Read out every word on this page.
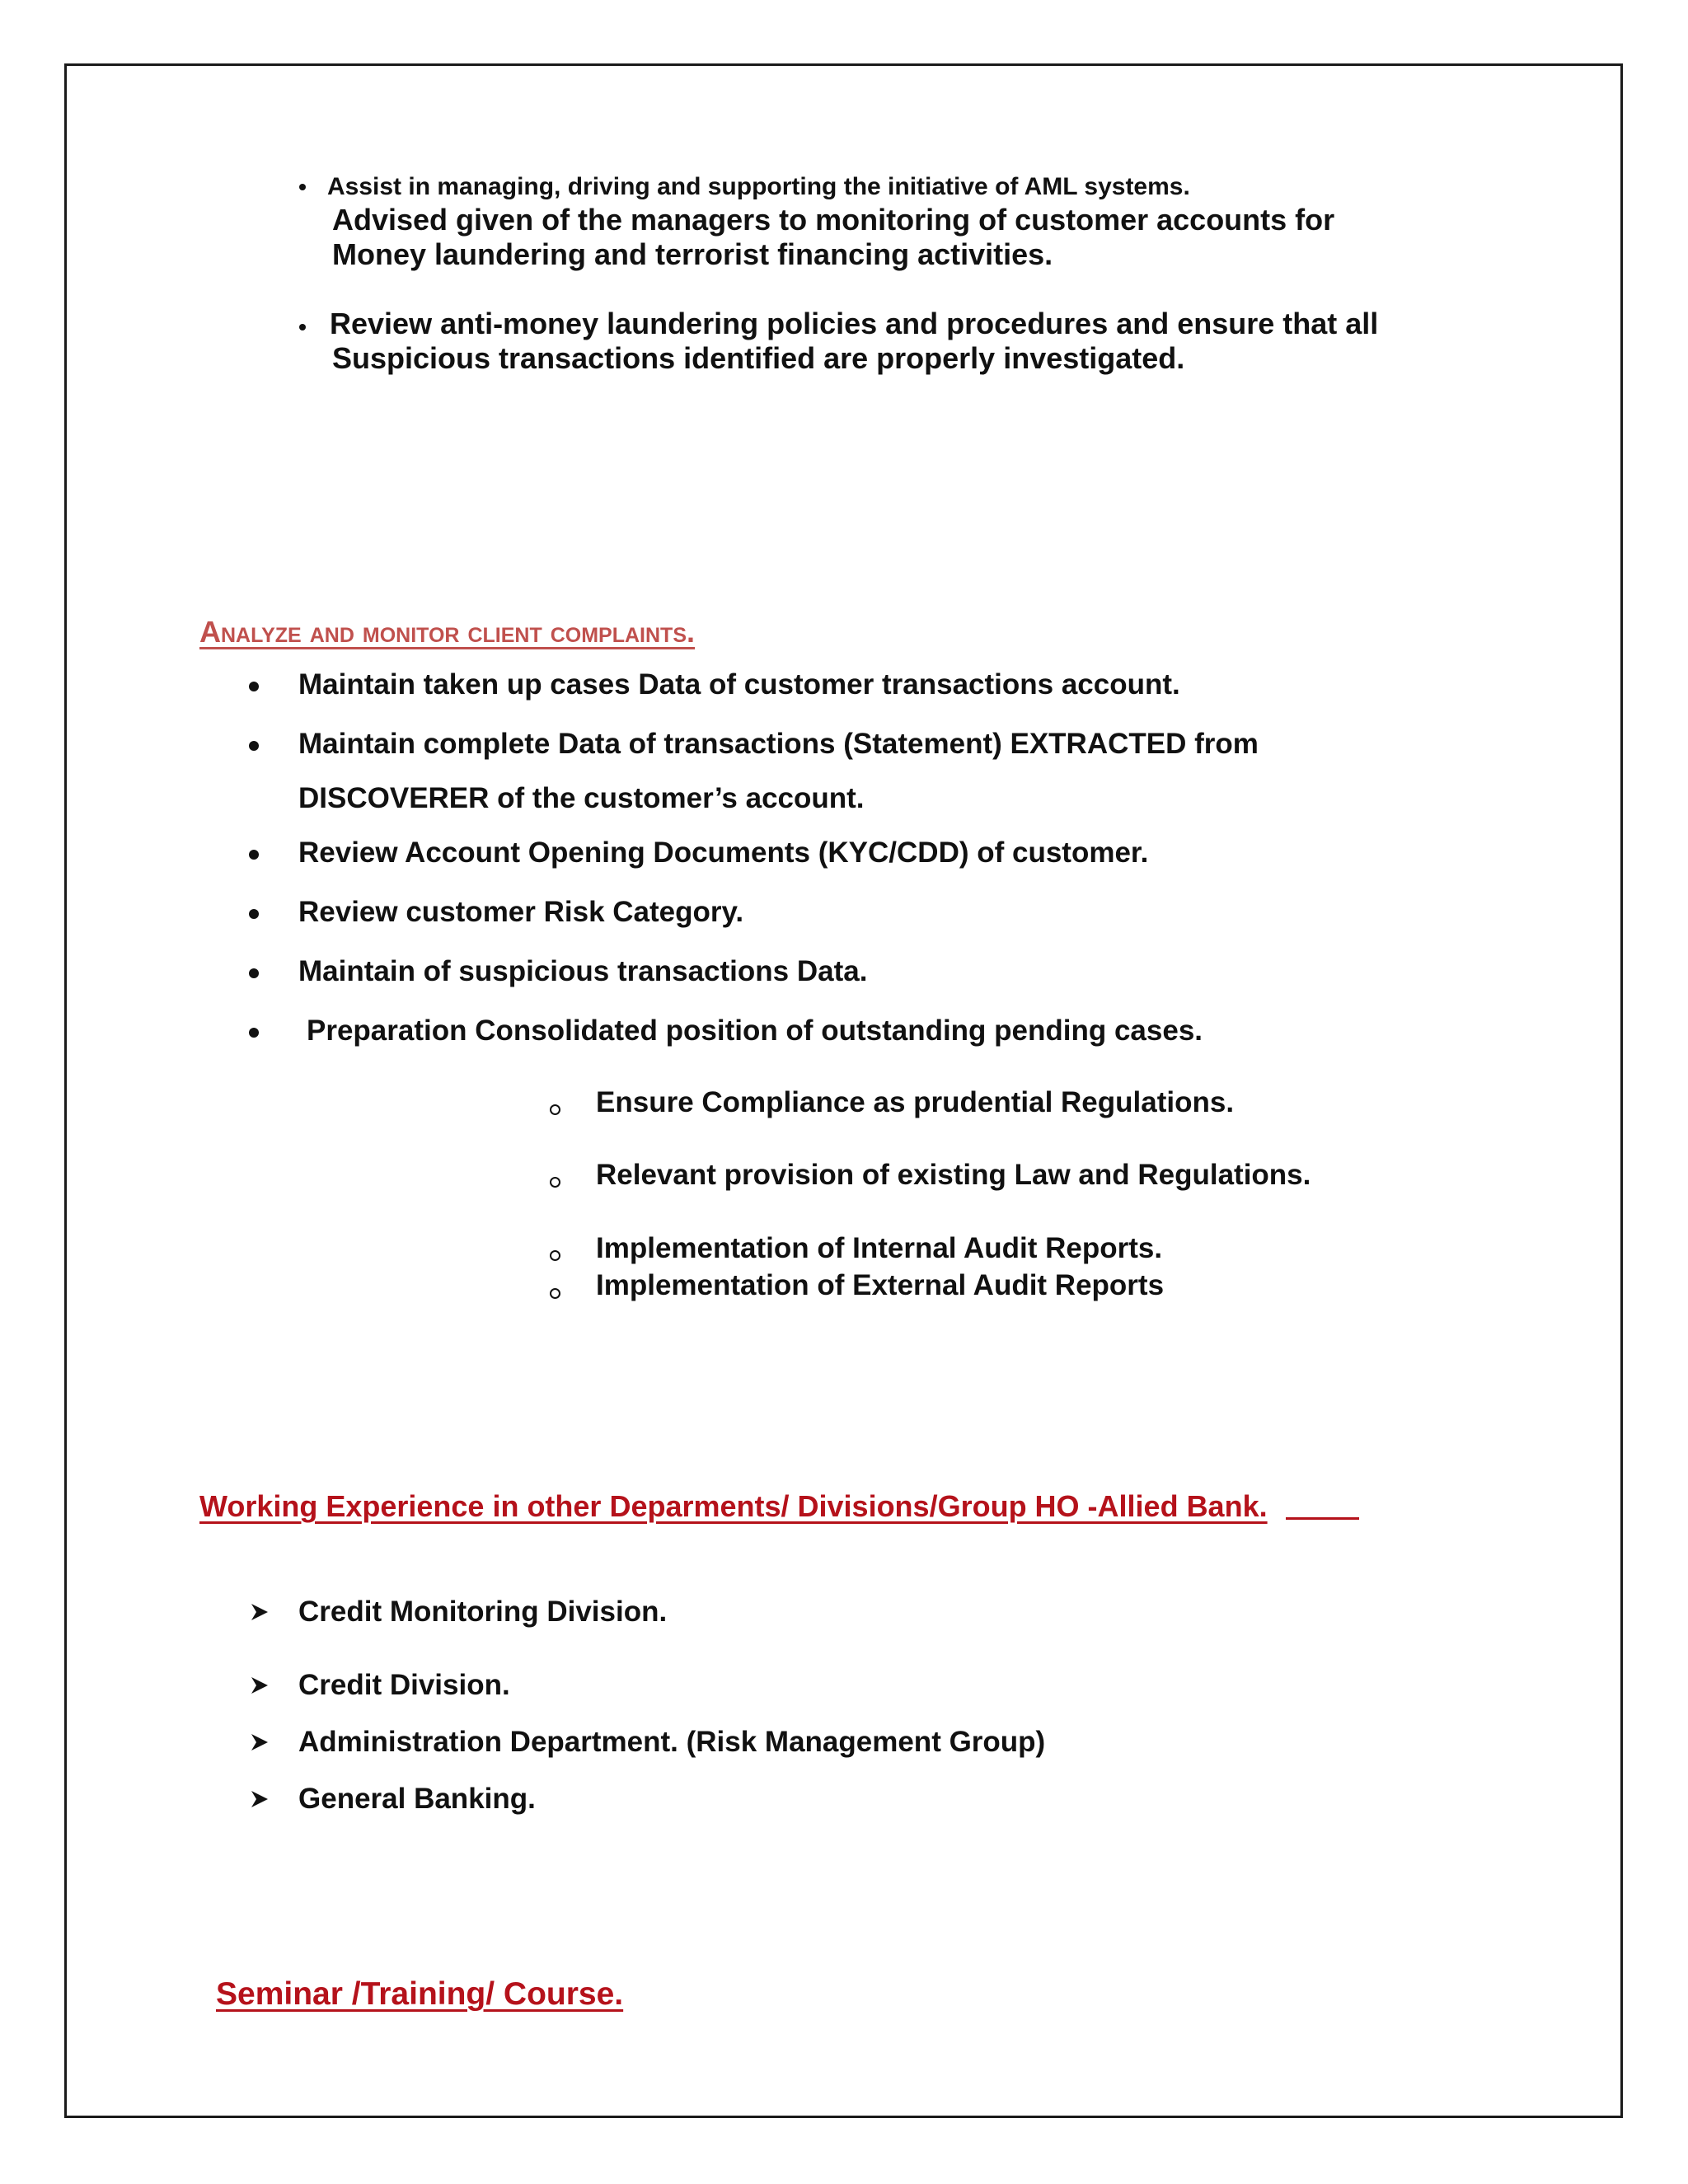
Assist in managing, driving and supporting the initiative of AML systems.

Advised given of the managers to monitoring of customer accounts for

Money laundering and terrorist financing activities.

Review anti-money laundering policies and procedures and ensure that all

Suspicious transactions identified are properly investigated.

Analyze and monitor client complaints.

Maintain taken up cases Data of customer transactions account.

Maintain complete Data of transactions (Statement) EXTRACTED from

DISCOVERER of the customer’s account.

Review Account Opening Documents (KYC/CDD) of customer.

Review customer Risk Category.

Maintain of suspicious transactions Data.

Preparation Consolidated position of outstanding pending cases.

Ensure Compliance as prudential Regulations.

Relevant provision of existing Law and Regulations.

Implementation of Internal Audit Reports.

Implementation of External Audit Reports

Working Experience in other Deparments/ Divisions/Group HO -Allied Bank.

Credit Monitoring Division.

Credit Division.

Administration Department. (Risk Management Group)

General Banking.

Seminar /Training/ Course.
